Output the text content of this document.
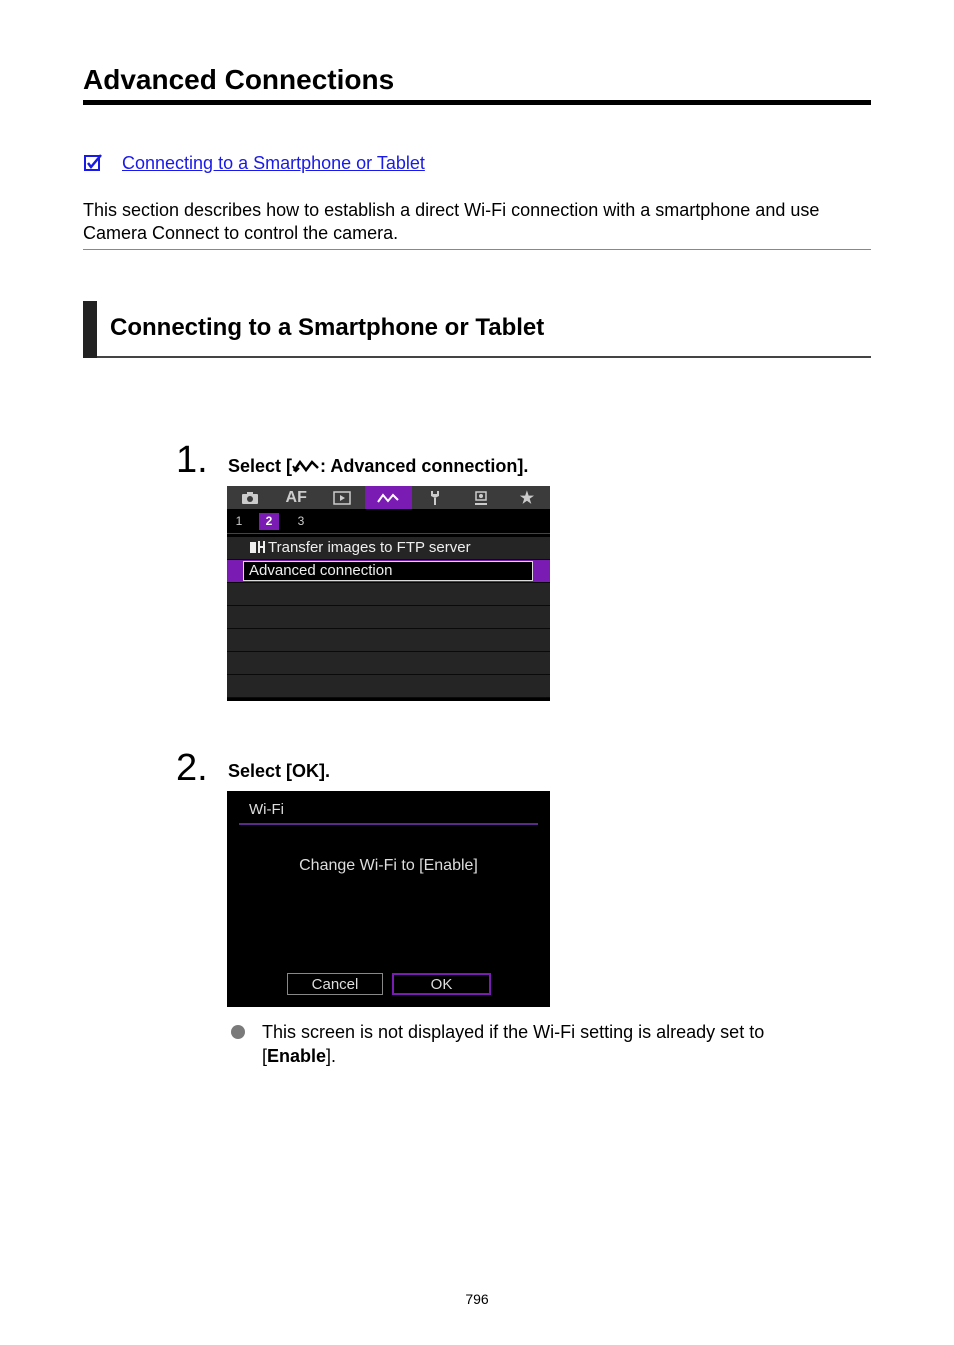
Advanced Connections
Connecting to a Smartphone or Tablet

This section describes how to establish a direct Wi-Fi connection with a smartphone and use Camera Connect to control the camera.

Connecting to a Smartphone or Tablet
1. Select [ : Advanced connection].
AF	★
1	2	3
Transfer images to FTP server
Advanced connection
2. Select [OK].
Wi-Fi
Change Wi-Fi to [Enable]
Cancel	OK

This screen is not displayed if the Wi-Fi setting is already set to [Enable].

796
